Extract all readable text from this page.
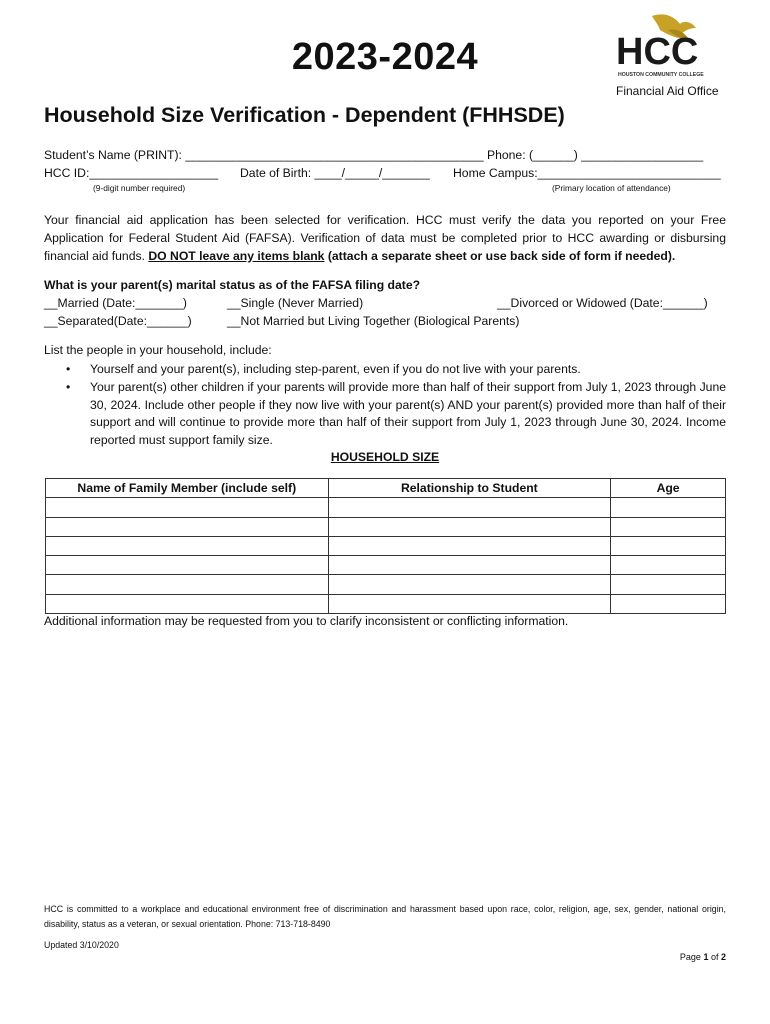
2023-2024	HCC
HOUSTON COMMUNITY COLLEGE
Financial Aid Office
Household Size Verification - Dependent (FHHSDE)
Student’s Name (PRINT): ____________________________________________ Phone: (______) __________________
HCC ID:___________________ Date of Birth: ____/_____/_______ Home Campus:___________________________
(9-digit number required)	(Primary location of attendance)
Your financial aid application has been selected for verification. HCC must verify the data you reported on your Free Application for Federal Student Aid (FAFSA). Verification of data must be completed prior to HCC awarding or disbursing financial aid funds. DO NOT leave any items blank (attach a separate sheet or use back side of form if needed).
What is your parent(s) marital status as of the FAFSA filing date?
__Married (Date:_______)	__Single (Never Married)	__Divorced or Widowed (Date:______)
__Separated(Date:______)	__Not Married but Living Together (Biological Parents)
List the people in your household, include:
• Yourself and your parent(s), including step-parent, even if you do not live with your parents.
• Your parent(s) other children if your parents will provide more than half of their support from July 1, 2023 through June 30, 2024. Include other people if they now live with your parent(s) AND your parent(s) provided more than half of their support and will continue to provide more than half of their support from July 1, 2023 through June 30, 2024. Income reported must support family size.
HOUSEHOLD SIZE
Name of Family Member (include self)	Relationship to Student	Age

Additional information may be requested from you to clarify inconsistent or conflicting information.
HCC is committed to a workplace and educational environment free of discrimination and harassment based upon race, color, religion, age, sex, gender, national origin, disability, status as a veteran, or sexual orientation. Phone: 713-718-8490
Updated 3/10/2020
Page 1 of 2
